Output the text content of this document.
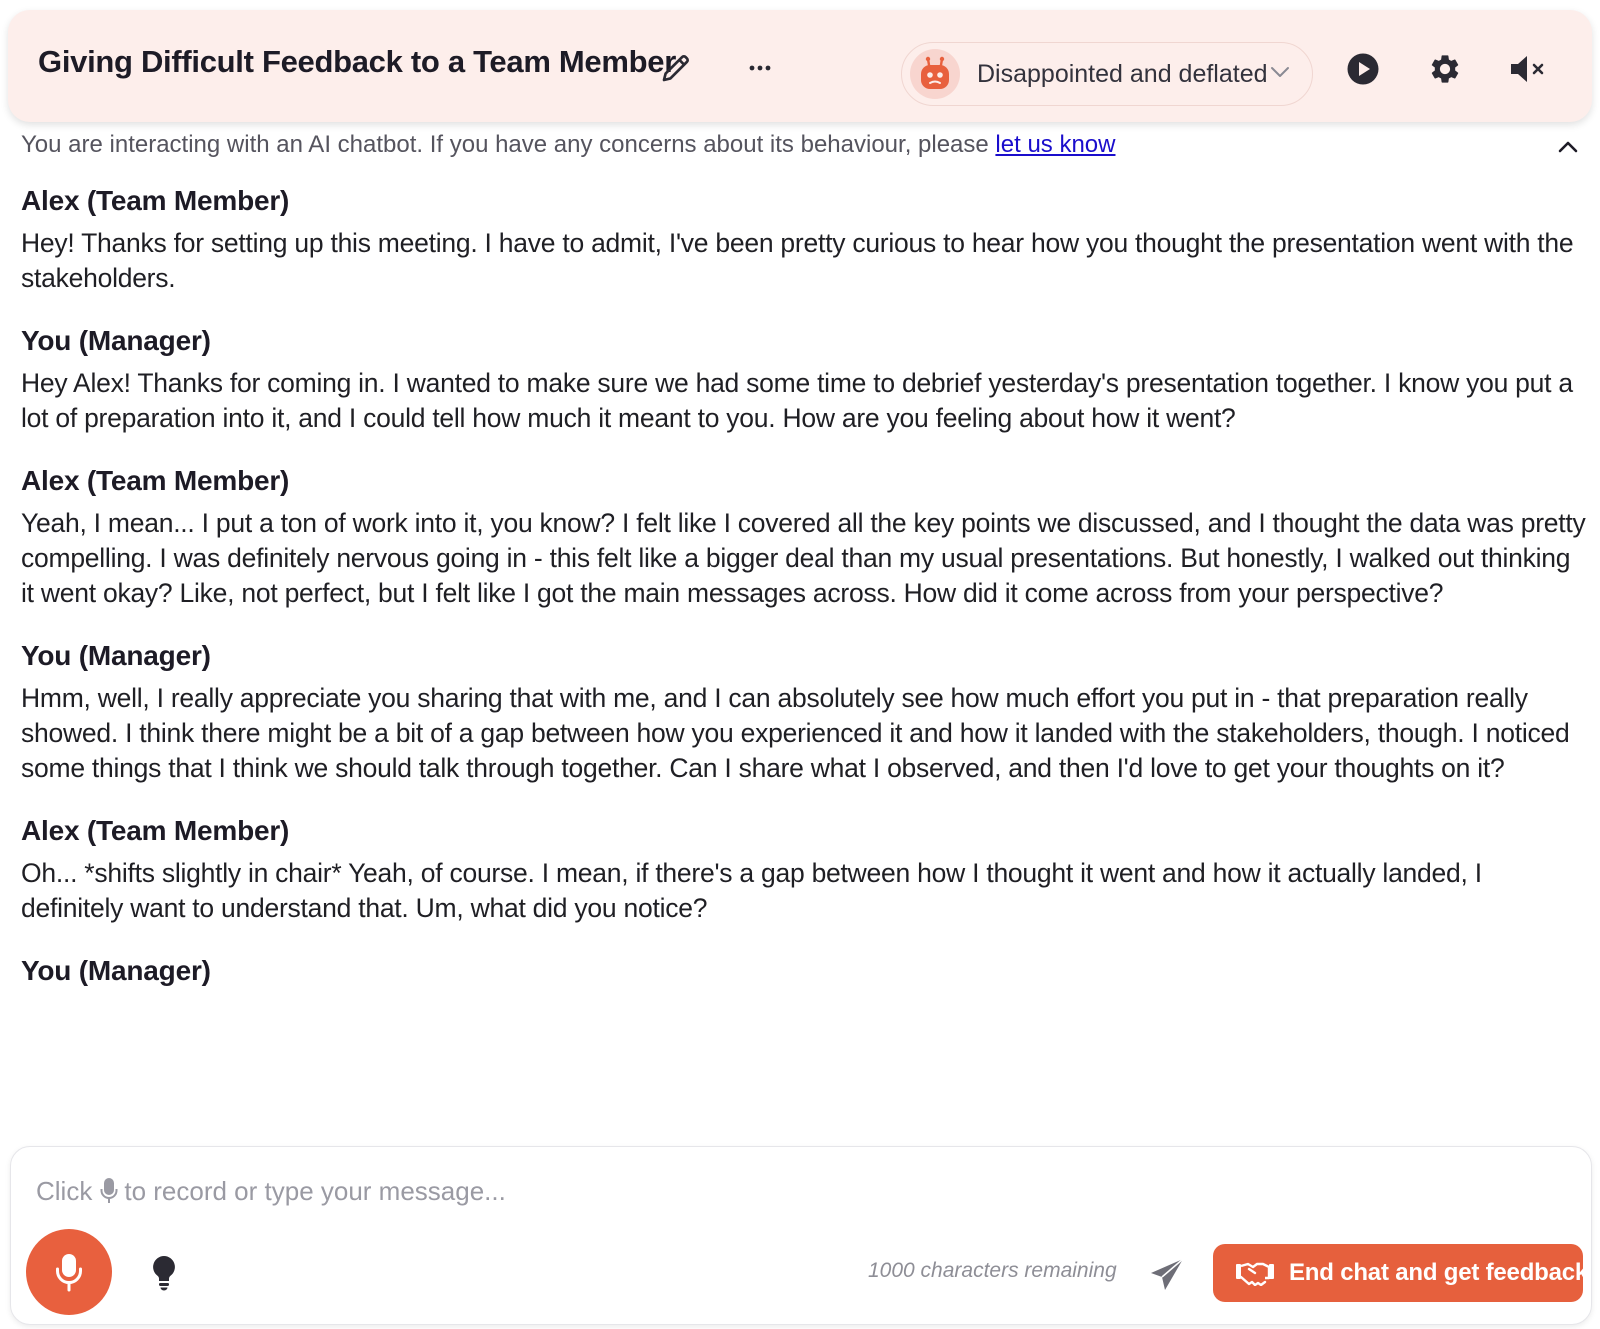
Giving Difficult Feedback to a Team Member	Disappointed and deflated
You are interacting with an AI chatbot. If you have any concerns about its behaviour, please let us know
Alex (Team Member)

Hey! Thanks for setting up this meeting. I have to admit, I've been pretty curious to hear how you thought the presentation went with the stakeholders.

You (Manager)

Hey Alex! Thanks for coming in. I wanted to make sure we had some time to debrief yesterday's presentation together. I know you put a lot of preparation into it, and I could tell how much it meant to you. How are you feeling about how it went?

Alex (Team Member)

Yeah, I mean... I put a ton of work into it, you know? I felt like I covered all the key points we discussed, and I thought the data was pretty compelling. I was definitely nervous going in - this felt like a bigger deal than my usual presentations. But honestly, I walked out thinking it went okay? Like, not perfect, but I felt like I got the main messages across. How did it come across from your perspective?

You (Manager)

Hmm, well, I really appreciate you sharing that with me, and I can absolutely see how much effort you put in - that preparation really showed. I think there might be a bit of a gap between how you experienced it and how it landed with the stakeholders, though. I noticed some things that I think we should talk through together. Can I share what I observed, and then I'd love to get your thoughts on it?

Alex (Team Member)

Oh... *shifts slightly in chair* Yeah, of course. I mean, if there's a gap between how I thought it went and how it actually landed, I definitely want to understand that. Um, what did you notice?

You (Manager)

Click to record or type your message...
1000 characters remaining	End chat and get feedback
